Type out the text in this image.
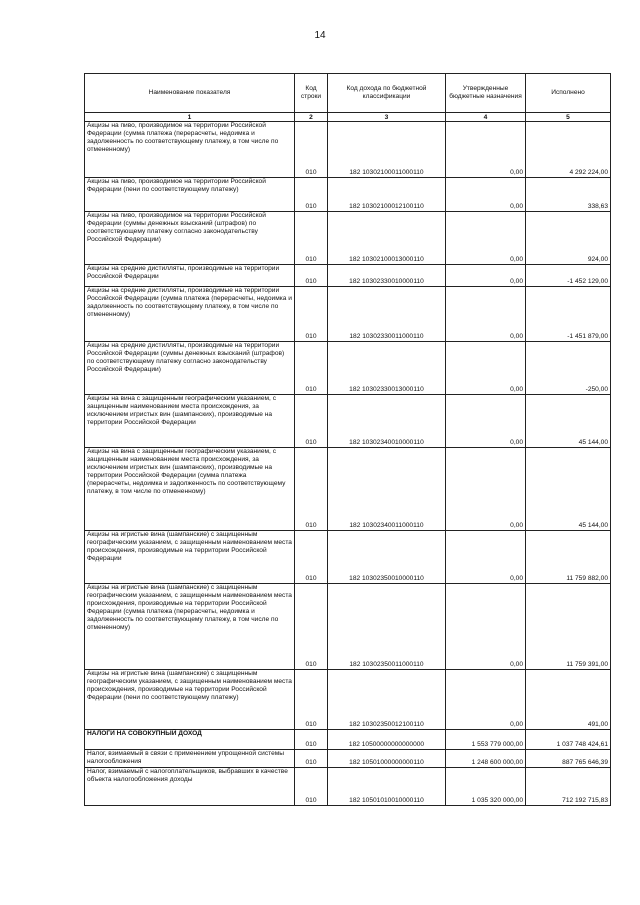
14
Наименование показателя	Код строки	Код дохода по бюджетной классификации	Утвержденные бюджетные назначения	Исполнено
1	2	3	4	5
Акцизы на пиво, производимое на территории Российской Федерации (сумма платежа (перерасчеты, недоимка и задолженность по соответствующему платежу, в том числе по отмененному)	010	182 10302100011000110	0,00	4 292 224,00
Акцизы на пиво, производимое на территории Российской Федерации (пени по соответствующему платежу)	010	182 10302100012100110	0,00	338,63
Акцизы на пиво, производимое на территории Российской Федерации (суммы денежных взысканий (штрафов) по соответствующему платежу согласно законодательству Российской Федерации)	010	182 10302100013000110	0,00	924,00
Акцизы на средние дистилляты, производимые на территории Российской Федерации	010	182 10302330010000110	0,00	-1 452 129,00
Акцизы на средние дистилляты, производимые на территории Российской Федерации (сумма платежа (перерасчеты, недоимка и задолженность по соответствующему платежу, в том числе по отмененному)	010	182 10302330011000110	0,00	-1 451 879,00
Акцизы на средние дистилляты, производимые на территории Российской Федерации (суммы денежных взысканий (штрафов) по соответствующему платежу согласно законодательству Российской Федерации)	010	182 10302330013000110	0,00	-250,00
Акцизы на вина с защищенным географическим указанием, с защищенным наименованием места происхождения, за исключением игристых вин (шампанских), производимые на территории Российской Федерации	010	182 10302340010000110	0,00	45 144,00
Акцизы на вина с защищенным географическим указанием, с защищенным наименованием места происхождения, за исключением игристых вин (шампанских), производимые на территории Российской Федерации (сумма платежа (перерасчеты, недоимка и задолженность по соответствующему платежу, в том числе по отмененному)	010	182 10302340011000110	0,00	45 144,00
Акцизы на игристые вина (шампанские) с защищенным географическим указанием, с защищенным наименованием места происхождения, производимые на территории Российской Федерации	010	182 10302350010000110	0,00	11 759 882,00
Акцизы на игристые вина (шампанские) с защищенным географическим указанием, с защищенным наименованием места происхождения, производимые на территории Российской Федерации (сумма платежа (перерасчеты, недоимка и задолженность по соответствующему платежу, в том числе по отмененному)	010	182 10302350011000110	0,00	11 759 391,00
Акцизы на игристые вина (шампанские) с защищенным географическим указанием, с защищенным наименованием места происхождения, производимые на территории Российской Федерации (пени по соответствующему платежу)	010	182 10302350012100110	0,00	491,00
НАЛОГИ НА СОВОКУПНЫЙ ДОХОД	010	182 10500000000000000	1 553 779 000,00	1 037 748 424,61
Налог, взимаемый в связи с применением упрощенной системы налогообложения	010	182 10501000000000110	1 248 600 000,00	887 765 646,39
Налог, взимаемый с налогоплательщиков, выбравших в качестве объекта налогообложения доходы	010	182 10501010010000110	1 035 320 000,00	712 192 715,83
